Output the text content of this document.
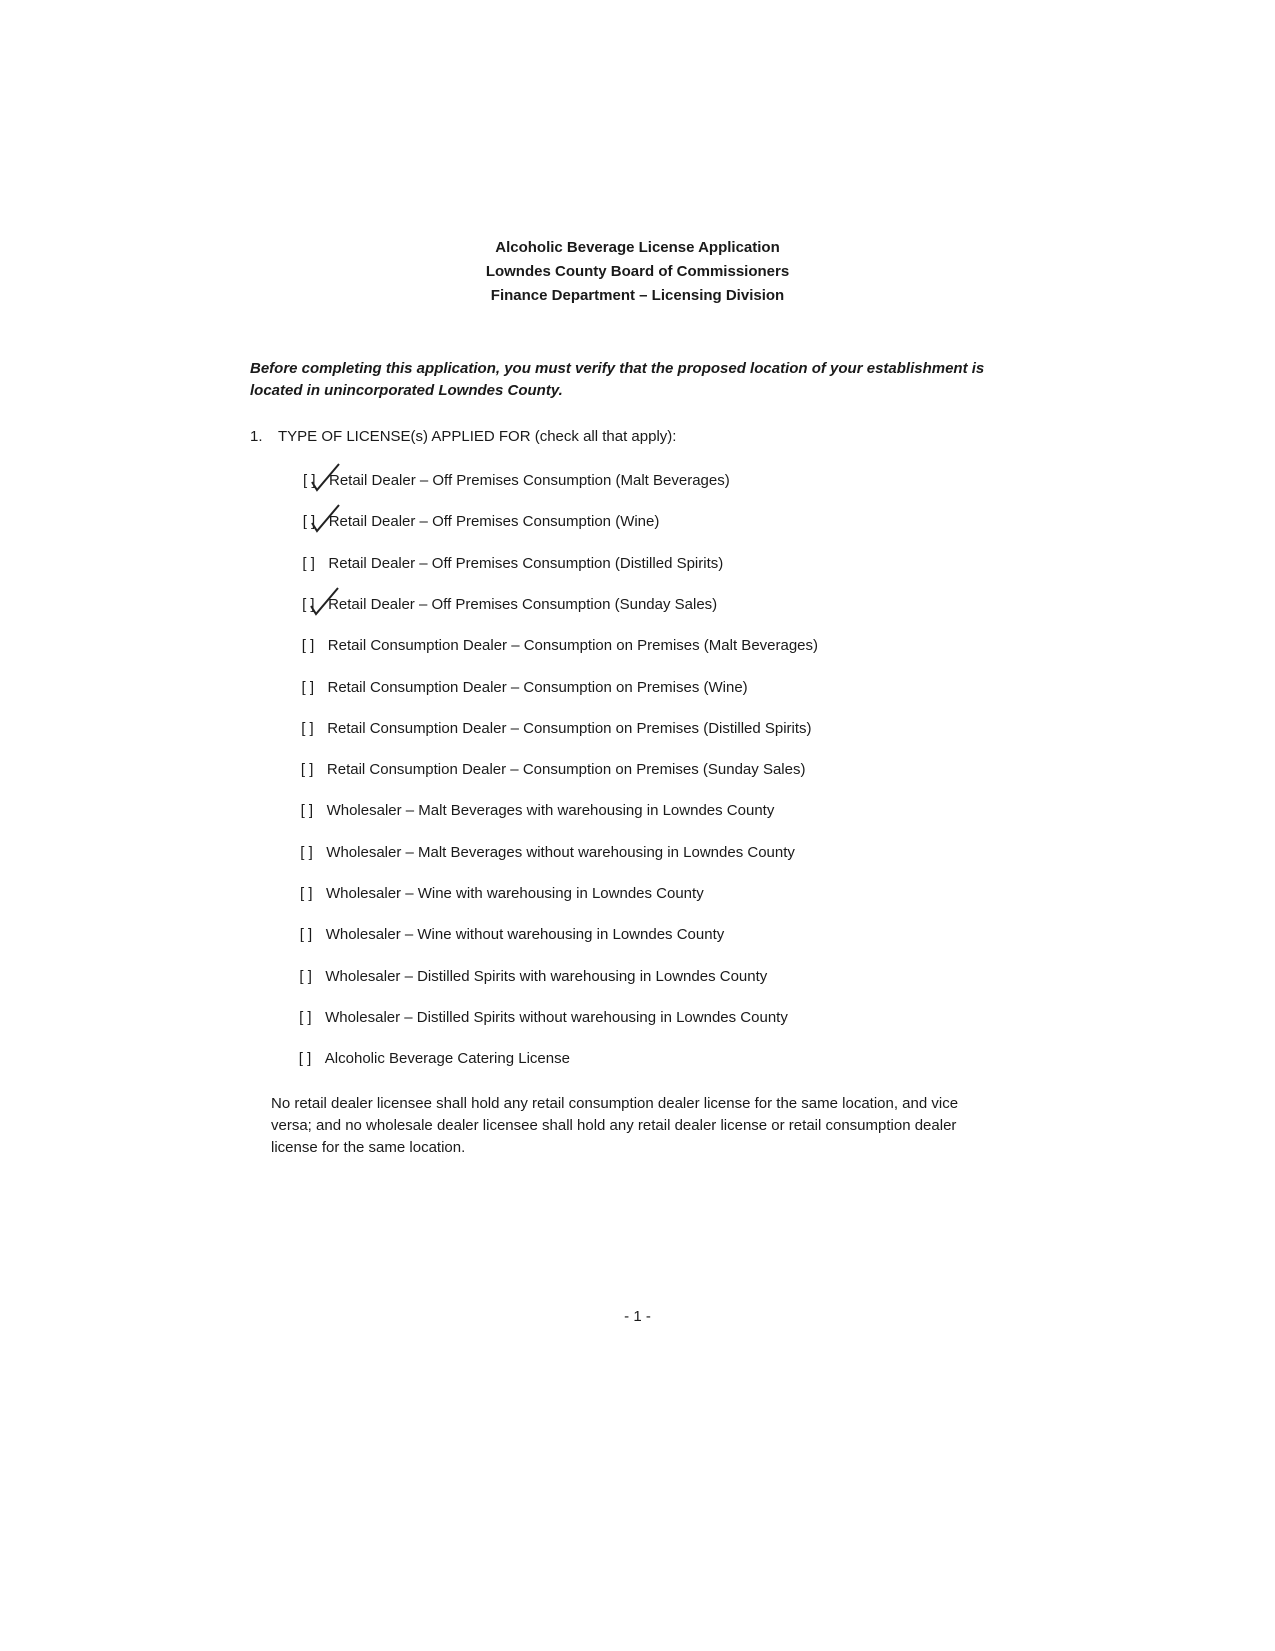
Alcoholic Beverage License Application
Lowndes County Board of Commissioners
Finance Department – Licensing Division
Before completing this application, you must verify that the proposed location of your establishment is located in unincorporated Lowndes County.
1. TYPE OF LICENSE(s) APPLIED FOR (check all that apply):
[ ] Retail Dealer – Off Premises Consumption (Malt Beverages)
[ ] Retail Dealer – Off Premises Consumption (Wine)
[ ] Retail Dealer – Off Premises Consumption (Distilled Spirits)
[ ] Retail Dealer – Off Premises Consumption (Sunday Sales)
[ ] Retail Consumption Dealer – Consumption on Premises (Malt Beverages)
[ ] Retail Consumption Dealer – Consumption on Premises (Wine)
[ ] Retail Consumption Dealer – Consumption on Premises (Distilled Spirits)
[ ] Retail Consumption Dealer – Consumption on Premises (Sunday Sales)
[ ] Wholesaler – Malt Beverages with warehousing in Lowndes County
[ ] Wholesaler – Malt Beverages without warehousing in Lowndes County
[ ] Wholesaler – Wine with warehousing in Lowndes County
[ ] Wholesaler – Wine without warehousing in Lowndes County
[ ] Wholesaler – Distilled Spirits with warehousing in Lowndes County
[ ] Wholesaler – Distilled Spirits without warehousing in Lowndes County
[ ] Alcoholic Beverage Catering License
No retail dealer licensee shall hold any retail consumption dealer license for the same location, and vice versa; and no wholesale dealer licensee shall hold any retail dealer license or retail consumption dealer license for the same location.
- 1 -
